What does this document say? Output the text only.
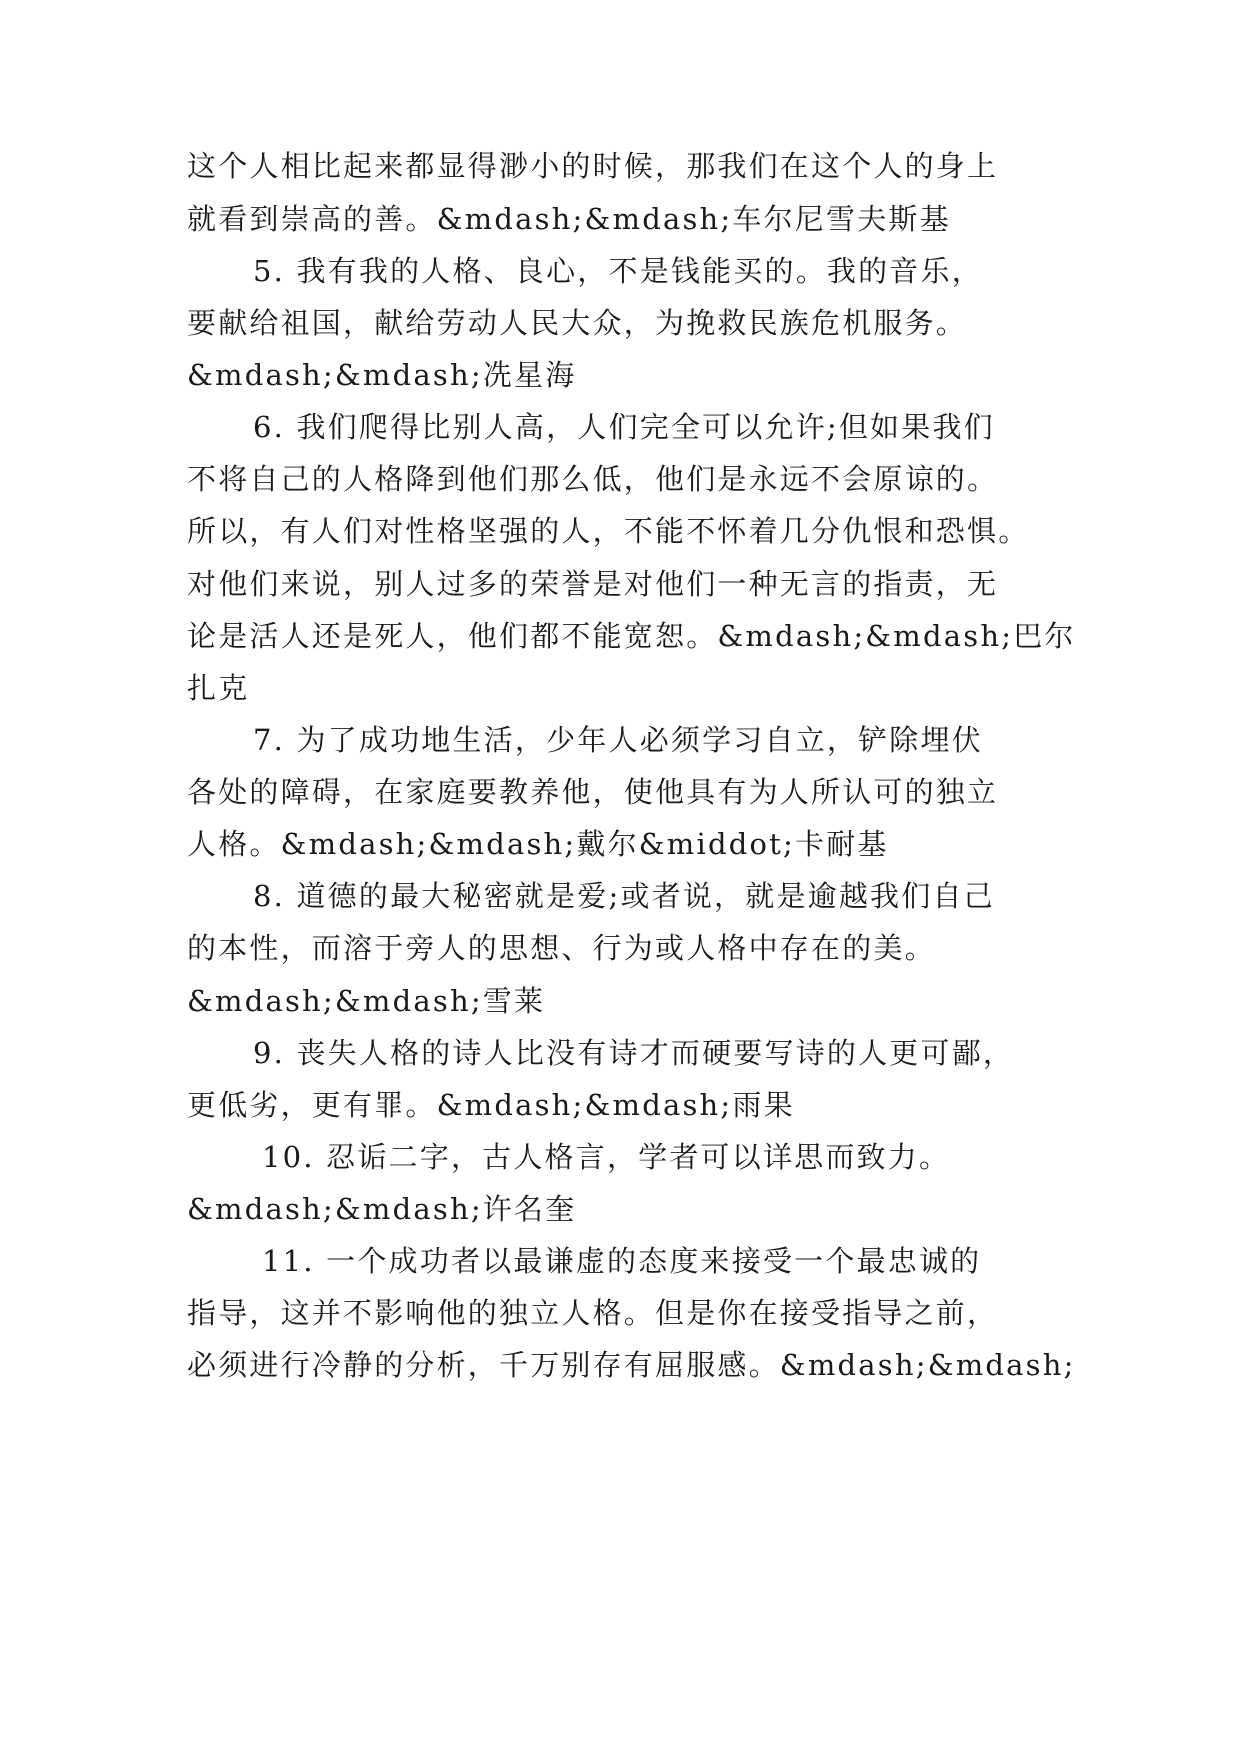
这个人相比起来都显得渺小的时候，那我们在这个人的身上
就看到崇高的善。&mdash;&mdash;车尔尼雪夫斯基
5. 我有我的人格、良心，不是钱能买的。我的音乐，
要献给祖国，献给劳动人民大众，为挽救民族危机服务。
&mdash;&mdash;冼星海
6. 我们爬得比别人高，人们完全可以允许;但如果我们
不将自己的人格降到他们那么低，他们是永远不会原谅的。
所以，有人们对性格坚强的人，不能不怀着几分仇恨和恐惧。
对他们来说，别人过多的荣誉是对他们一种无言的指责，无
论是活人还是死人，他们都不能宽恕。&mdash;&mdash;巴尔
扎克
7. 为了成功地生活，少年人必须学习自立，铲除埋伏
各处的障碍，在家庭要教养他，使他具有为人所认可的独立
人格。&mdash;&mdash;戴尔&middot;卡耐基
8. 道德的最大秘密就是爱;或者说，就是逾越我们自己
的本性，而溶于旁人的思想、行为或人格中存在的美。
&mdash;&mdash;雪莱
9. 丧失人格的诗人比没有诗才而硬要写诗的人更可鄙，
更低劣，更有罪。&mdash;&mdash;雨果
10. 忍诟二字，古人格言，学者可以详思而致力。
&mdash;&mdash;许名奎
11. 一个成功者以最谦虚的态度来接受一个最忠诚的
指导，这并不影响他的独立人格。但是你在接受指导之前，
必须进行冷静的分析，千万别存有屈服感。&mdash;&mdash;
